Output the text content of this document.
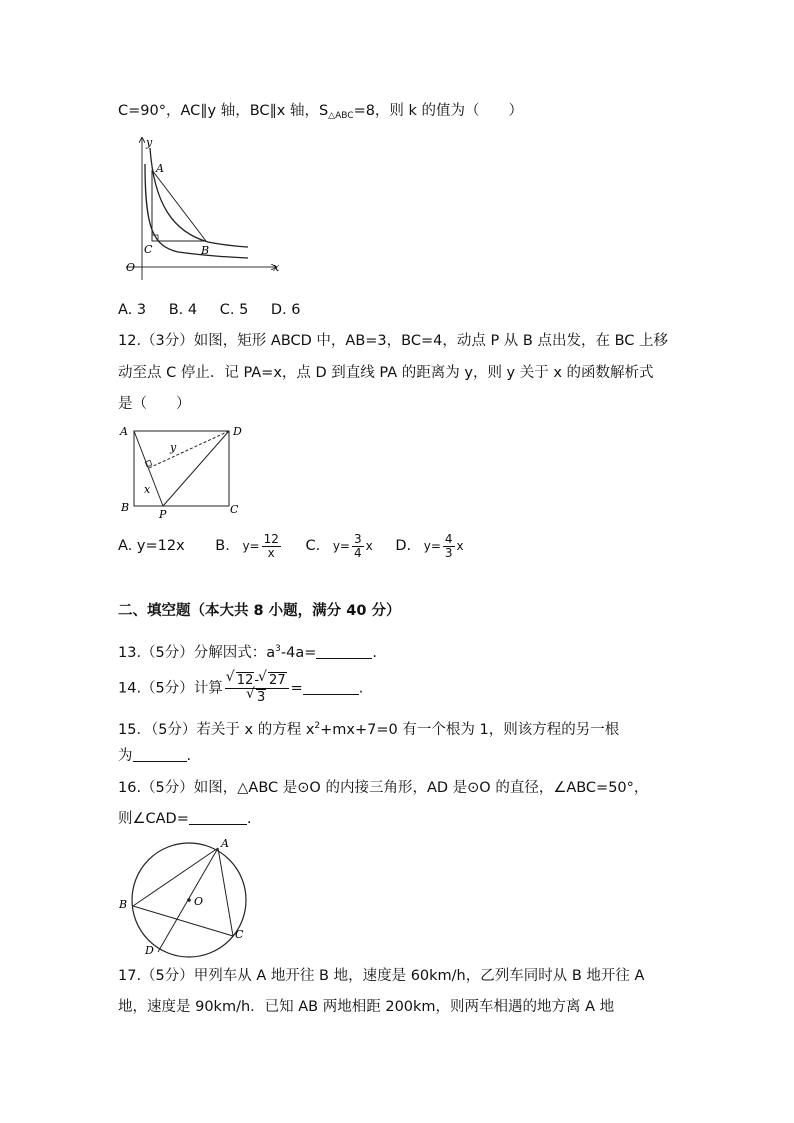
C=90°，AC∥y 轴，BC∥x 轴，$S_{\triangle ABC}=8$，则 k 的值为（　　）
y
A
C	B
O	x
A. 3 B. 4 C. 5 D. 6
12.（3分）如图，矩形 ABCD 中，AB=3，BC=4，动点 P 从 B 点出发，在 BC 上移
动至点 C 停止．记 PA=x，点 D 到直线 PA 的距离为 y，则 y 关于 x 的函数解析式
是（　　）
A	D
y
x
B
P	C
A. y=12x B. $y= \frac{12}{x} C$. $y= \frac{3}{4}$ x D. $y= \frac{4}{3}$ x
二、填空题（本大共 8 小题，满分 40 分）
13.（5分）分解因式：$a^3-4a=$	.
14.（5分）计算 √ 12- √ 27
√ 3 =	.
15．（5分）若关于 x 的方程 $x^2+mx+7=0$ 有一个根为 1，则该方程的另一根
为	.
16.（5分）如图，△ABC 是⊙O 的内接三角形，AD 是⊙O 的直径，∠ABC=50°，
则∠CAD=	.
A
B	O
C
D
17.（5分）甲列车从 A 地开往 B 地，速度是 60km/h，乙列车同时从 B 地开往 A
地，速度是 90km/h．已知 AB 两地相距 200km，则两车相遇的地方离 A 地
